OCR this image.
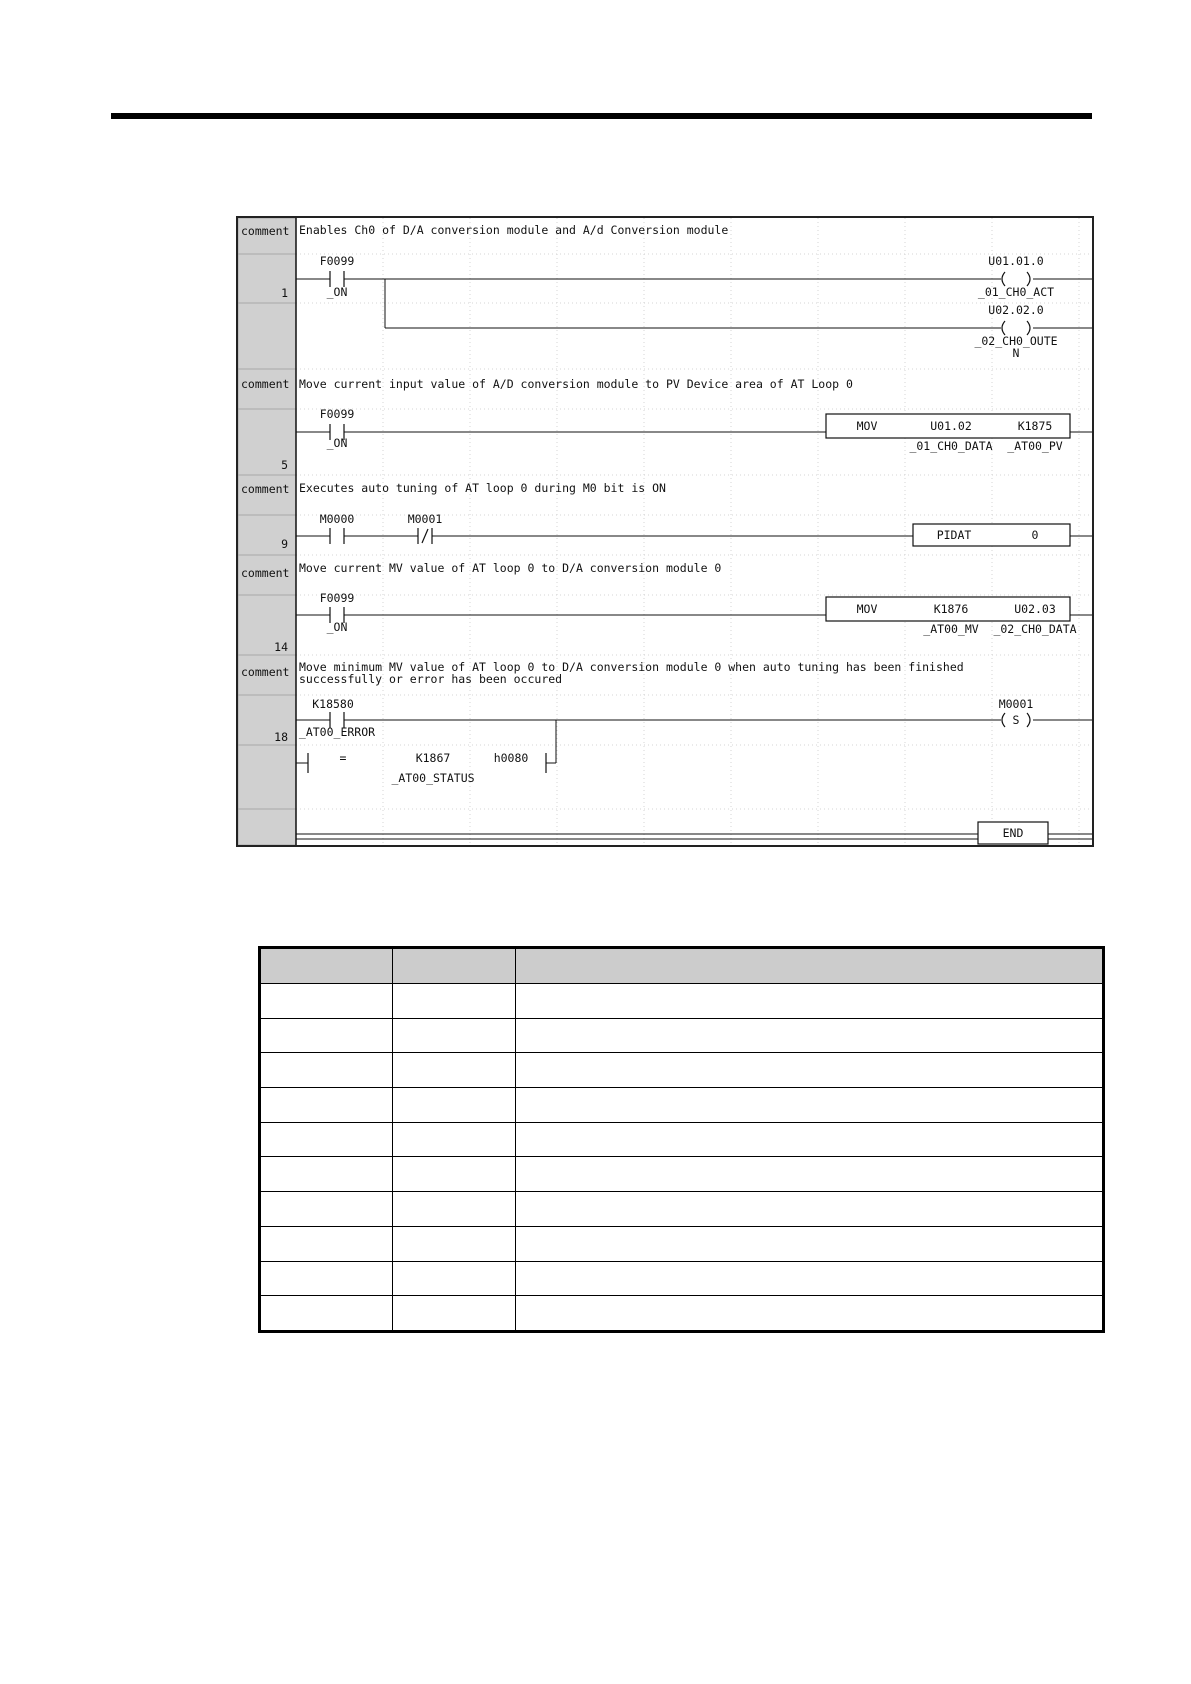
comment
1
comment
5
comment
9
comment
14
comment
18
Enables Ch0 of D/A conversion module and A/d Conversion module
Move current input value of A/D conversion module to PV Device area of AT Loop 0
Executes auto tuning of AT loop 0 during M0 bit is ON
Move current MV value of AT loop 0 to D/A conversion module 0
Move minimum MV value of AT loop 0 to D/A conversion module 0 when auto tuning has been finished
successfully or error has been occured
F0099
_ON
U01.01.0
_01_CH0_ACT
U02.02.0
_02_CH0_OUTE
N
F0099
_ON
MOV	U01.02	K1875
_01_CH0_DATA _AT00_PV
M0000	M0001
PIDAT	0
F0099
_ON
MOV	K1876	U02.03
_AT00_MV _02_CH0_DATA
K18580
_AT00_ERROR
M0001
S
=	K1867	h0080
_AT00_STATUS
END
